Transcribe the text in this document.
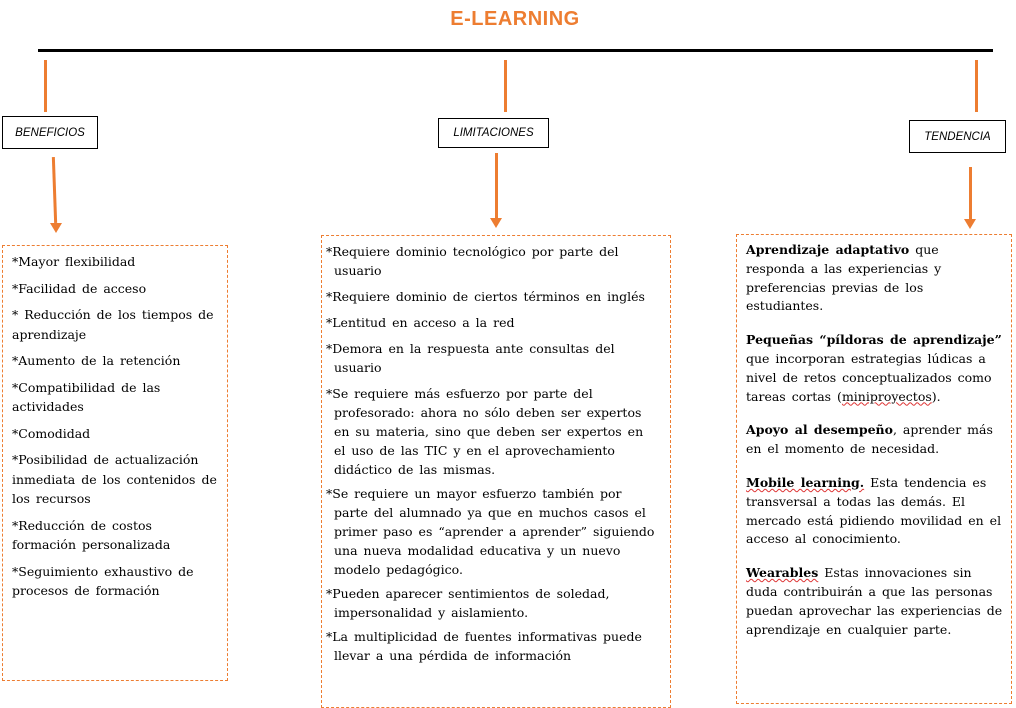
E-LEARNING
BENEFICIOS

*Mayor flexibilidad

*Facilidad de acceso

* Reducción de los tiempos de aprendizaje

*Aumento de la retención

*Compatibilidad de las actividades

*Comodidad

*Posibilidad de actualización inmediata de los contenidos de los recursos

*Reducción de costos formación personalizada

*Seguimiento exhaustivo de procesos de formación

LIMITACIONES

*Requiere dominio tecnológico por parte del usuario

*Requiere dominio de ciertos términos en inglés

*Lentitud en acceso a la red

*Demora en la respuesta ante consultas del usuario

*Se requiere más esfuerzo por parte del profesorado: ahora no sólo deben ser expertos en su materia, sino que deben ser expertos en el uso de las TIC y en el aprovechamiento didáctico de las mismas.

*Se requiere un mayor esfuerzo también por parte del alumnado ya que en muchos casos el primer paso es “aprender a aprender” siguiendo una nueva modalidad educativa y un nuevo modelo pedagógico.

*Pueden aparecer sentimientos de soledad, impersonalidad y aislamiento.

*La multiplicidad de fuentes informativas puede llevar a una pérdida de información

TENDENCIA

Aprendizaje adaptativo que responda a las experiencias y preferencias previas de los estudiantes.

Pequeñas “píldoras de aprendizaje” que incorporan estrategias lúdicas a nivel de retos conceptualizados como tareas cortas (miniproyectos).

Apoyo al desempeño, aprender más en el momento de necesidad.

Mobile learning. Esta tendencia es transversal a todas las demás. El mercado está pidiendo movilidad en el acceso al conocimiento.

Wearables Estas innovaciones sin duda contribuirán a que las personas puedan aprovechar las experiencias de aprendizaje en cualquier parte.
